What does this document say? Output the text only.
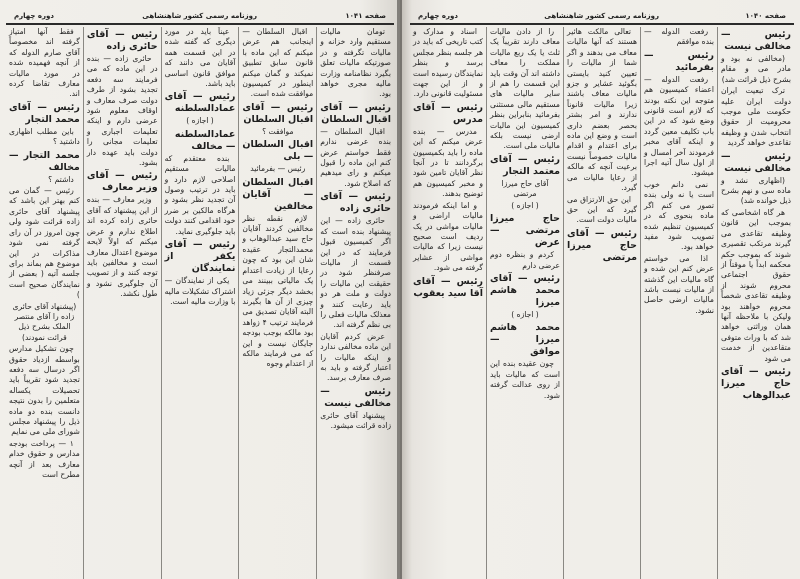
دوره چهارم	روزنامه رسمی کشور شاهنشاهی	صفحه ۱۰۴۱
تومان مالیات مستقیم وارد خزانه و مالیات تگرفته و در صورتیکه مالیات تعلق بگیرد نظامنامه وزارت مالیه مجری خواهد بود.
رئیس — آقای اقبال السلطان
اقبال السلطان — بنده عرضی ندارم فقط خواستم عرض کنم این ماده را قبول میکنم و رای میدهیم که اصلاح شود.
رئیس — آقای حائری زاده
حائری زاده — این پیشنهاد بنده است که اگر کمیسیون قبول فرمایند که در این قسمت از مالیات صرفنظر شود در حقیقت این مالیات را دولت و ملت هر دو باید رعایت کنند و معذلک مالیات فعلی را بی نظم گرفته اند.
عرض کردم آقایان این ماده مخالفی ندارد و اینکه مالیات را اعتبار گرفته و باید به صرف معارف برسد.
رئیس — مخالفی نیست
پیشنهاد آقای حائری زاده قرائت میشود.
اقبال السلطان — اینجانب هم عرض میکنم که این ماده با قانون سابق تطبیق نمیکند و گمان میکنم اینطور در کمیسیون موافقت شده است.
رئیس — آقای اقبال السلطان
موافقت ؟
اقبال السلطان — بلی
رئیس — بفرمائید
اقبال السلطان — آقایان مخالفین
لازم نقطه نظر مخالفین کردند آقایان حاج سید عبدالوهاب و محمدالتجار عقیده شان این بود که چون رعایا از زیادت اعتدام یک مالیاتی ببینند می بخشد دیگر جزئی زیاد چیزی از آن ها بگیرند البته آقایان تصدیق می فرمایند ترتیب ۴ زواهد بود مالکه بوجب بودجه جایگان نیست و این که می فرمایند مالکه از اعتدام وجوه
عیناً باید در مورد دیگری که گفته شده در این قسمت همه آقایان می دانند که موافق قانون اساسی باید باشد.
رئیس — آقای عمادالسلطنه
( اجازه )
عمادالسلطنه — مخالف
بنده معتقدم که مالیات مستقیم اصلاحی لازم دارد و باید در ترتیب وصول آن تجدید نظر بشود و هرگاه مالکین بر ضرر خود اقدامی کنند دولت باید جلوگیری نماید.
رئیس — آقای یکفر از نمایندگان
یکی از نمایندگان — اشتراک تشکیلات مالیه با وزارت مالیه است.
رئیس — آقای حائری زاده
حائری زاده — بنده در این ماده که می فرمایند سه دفعه تجدید بشود از طرف دولت صرف معارف و اوقاف معلوم شود عرضی دارم و اینکه تعلیمات اجباری و تعلیمات مجانی را دولت باید عهده دار بشود.
رئیس — آقای وزیر معارف
وزیر معارف — بنده از این پیشنهاد که آقای حائری زاده کرده اند اطلاع ندارم و عرض میکنم که اولاً لایحه موضوع اعتدال معارف است و مخالفین باید توجه کنند و از تصویب آن جلوگیری نشود و طول نکشد.
فقط آنها امتیاز گرفته اند مخصوصاً آقای صارم الدوله که از آنچه فهمیده شده در مورد مالیات معارف تقاضا کرده اند.
رئیس — آقای محمد التجار
باین مطلب اظهاری داشتید ؟
محمد التجار — مخالف
داشتم ؟
رئیس — گمان می کنم بهتر این باشد که پیشنهاد آقای حائری زاده قرائت شود ولی چون امروز در آن رای گرفته نمی شود مذاکرات در این موضوع هم بماند برای جلسه آتیه ( بعضی از نمایندگان صحیح است )
(پیشنهاد آقای حائری زاده را آقای منتصر الملک بشرح ذیل قرائت نمودند)
چون تشکیل مدارس بواسطه ازدیاد حقوق اگر درسال سه دفعه تجدید شود تقریباً باید تحصیلات یکساله متعلمین را بدون نتیجه دانست بنده دو ماده ذیل را پیشنهاد مجلس شورای ملی می نمایم
۱ — پرداخت بودجه مدارس و حقوق خدام معارف بعد از آنچه مطرح است
دوره چهارم	روزنامه رسمی کشور شاهنشاهی	صفحه ۱۰۴۰
رئیس — مخالفی نیست
(مخالفی نه بود و مادر می و مقام بشرح ذیل قرائت شد)
ترک تبعیت ایران دولت ایران علیه حکومت ملی موجب محرومیت از حقوق انتخاب شدن و وظیفه تقاعدی خواهد گردید
رئیس — مخالفی نیست
(اظهاری نشد و ماده سی و نهم بشرح ذیل خوانده شد)
هر گاه اشخاصی که بموجب این قانون وظیفه تقاعدی می گیرند مرتکب تقصیری شوند که بموجب حکم محکمه ابداً یا موقتاً از حقوق اجتماعی محروم شوند از وظیفه تقاعدی شخصاً محروم خواهند بود ولیکن با ملاحظه آنها همان وراثتی خواهد شد که با وراث متوفی متقاعدین از خدمت می شود
رئیس — آقای حاج میرزا عبدالوهاب
رفعت الدوله — بنده موافقم
رئیس — بفرمائید
رفعت الدوله — اعضاء کمیسیون هم متوجه این نکته بودند که لازم است قانونی وضع شود که در این باب تکلیف معین گردد و اینکه آقای مخبر فرمودند آخر امسال و از اول سال آتیه اجرا میشود.
نمی دانم خوب است یا نه ولی بنده تصور می کنم اگر ماده بنحوی که در کمیسیون تنظیم شده تصویب شود مفید خواهد بود.
اذا می خواستم عرض کنم این شده و گاه مالیات این گذشته از مالیات نیست باشد مالیات ارضی حاصل نشود.
تعالی مالکت هائیر هستند که آنها مالیات معاف می بدهند و اگر شما از مالیات را تعیین کنید بایستی بگوئید عشایر و جزو مالیات معاف باشند زیرا مالیات قانوناً ندارند و امر بشتر بحصر بعضم داری است و وضع این ماده برای اعتدام و اقدام مالیات خصوصاً نیست برعیت آنچه که مالکه از رعایا مالیات می گیرد.
این حق الارتزاق می گیرد که این حق مالیات دولت است.
رئیس — آقای حاج میرزا مرتضی
را از دادن مالیات معاف دارند تقریباً یک ثلث یا یک ربع مالیات مملکت را معاف داشته اند آن وقت باید این قسمت را هم از سایر مالیات های مستقیم مالی مستثنی بفرمائید بنابراین بنظر کمیسیون این مالیات ارضی نیست بلکه مالیات ملی است.
رئیس — آقای معتمد التجار
آقای حاج میرزا مرتضی
( اجازه )
حاج میرزا مرتضی — عرض
کردم و بنظره دوم عرضی دارم
رئیس — آقای محمد هاشم میرزا
( اجازه )
محمد هاشم میرزا — موافق
چون عقیده بنده این است که مالیات باید از روی عدالت گرفته شود.
اسناد و مدارک و کتب تاریخی که باید در هر جلسه بنظر مجلس برسد و بنظر نمایندگان رسیده است و از این جهت مسئولیت قانونی دارد.
رئیس — آقای مدرس
مدرس — بنده عرض میکنم که این ماده را باید بکمیسیون برگردانند تا در آنجا نظر آقایان تامین شود و مخبر کمیسیون هم توضیح بدهند.
و اما اینکه فرمودند مالیات اراضی و مالیات مواشی در یک ردیف است صحیح نیست زیرا که مالیات مواشی از عشایر گرفته می شود.
رئیس — آقای آقا سید یعقوب
